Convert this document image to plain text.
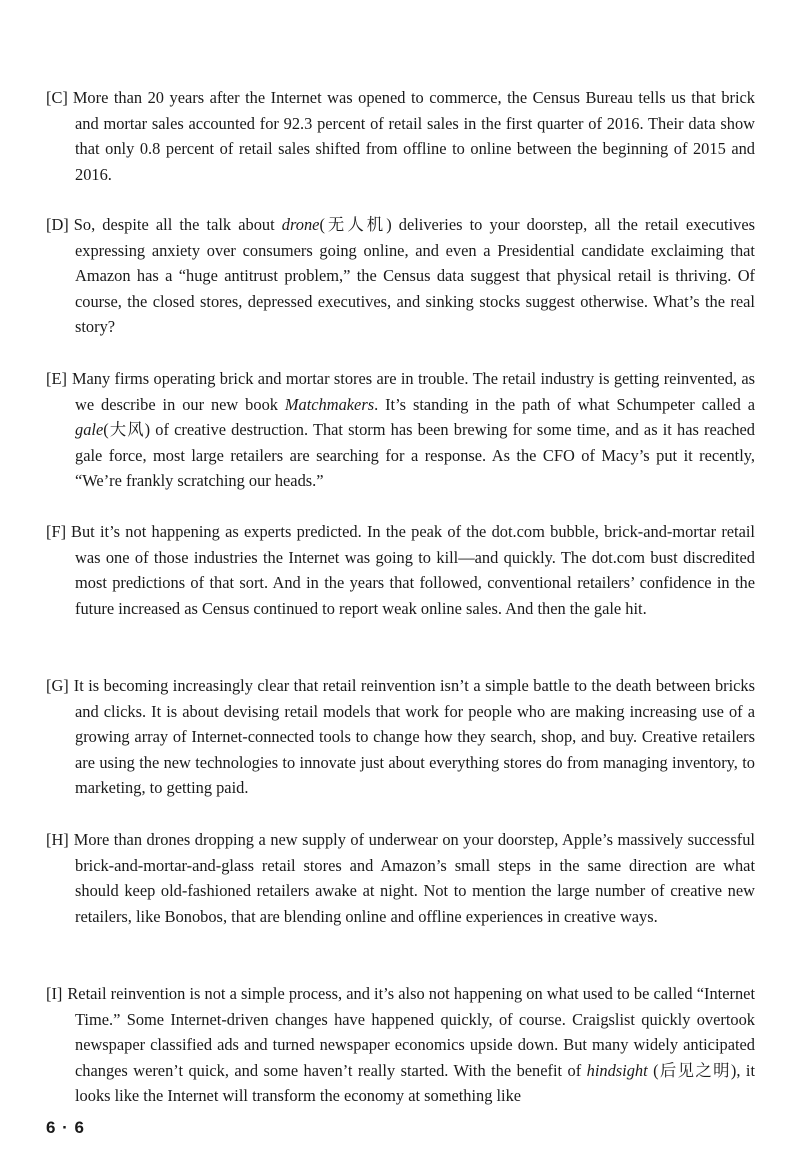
[C] More than 20 years after the Internet was opened to commerce, the Census Bureau tells us that brick and mortar sales accounted for 92.3 percent of retail sales in the first quarter of 2016. Their data show that only 0.8 percent of retail sales shifted from offline to online between the beginning of 2015 and 2016.

[D] So, despite all the talk about drone(无人机) deliveries to your doorstep, all the retail executives expressing anxiety over consumers going online, and even a Presidential candidate exclaiming that Amazon has a “huge antitrust problem,” the Census data suggest that physical retail is thriving. Of course, the closed stores, depressed executives, and sinking stocks suggest otherwise. What’s the real story?

[E] Many firms operating brick and mortar stores are in trouble. The retail industry is getting reinvented, as we describe in our new book Matchmakers. It’s standing in the path of what Schumpeter called a gale(大风) of creative destruction. That storm has been brewing for some time, and as it has reached gale force, most large retailers are searching for a response. As the CFO of Macy’s put it recently, “We’re frankly scratching our heads.”

[F] But it’s not happening as experts predicted. In the peak of the dot.com bubble, brick-and-mortar retail was one of those industries the Internet was going to kill—and quickly. The dot.com bust discredited most predictions of that sort. And in the years that followed, conventional retailers’ confidence in the future increased as Census continued to report weak online sales. And then the gale hit.

[G] It is becoming increasingly clear that retail reinvention isn’t a simple battle to the death between bricks and clicks. It is about devising retail models that work for people who are making increasing use of a growing array of Internet-connected tools to change how they search, shop, and buy. Creative retailers are using the new technologies to innovate just about everything stores do from managing inventory, to marketing, to getting paid.

[H] More than drones dropping a new supply of underwear on your doorstep, Apple’s massively successful brick-and-mortar-and-glass retail stores and Amazon’s small steps in the same direction are what should keep old-fashioned retailers awake at night. Not to mention the large number of creative new retailers, like Bonobos, that are blending online and offline experiences in creative ways.

[I] Retail reinvention is not a simple process, and it’s also not happening on what used to be called “Internet Time.” Some Internet-driven changes have happened quickly, of course. Craigslist quickly overtook newspaper classified ads and turned newspaper economics upside down. But many widely anticipated changes weren’t quick, and some haven’t really started. With the benefit of hindsight (后见之明), it looks like the Internet will transform the economy at something like

6 · 6
